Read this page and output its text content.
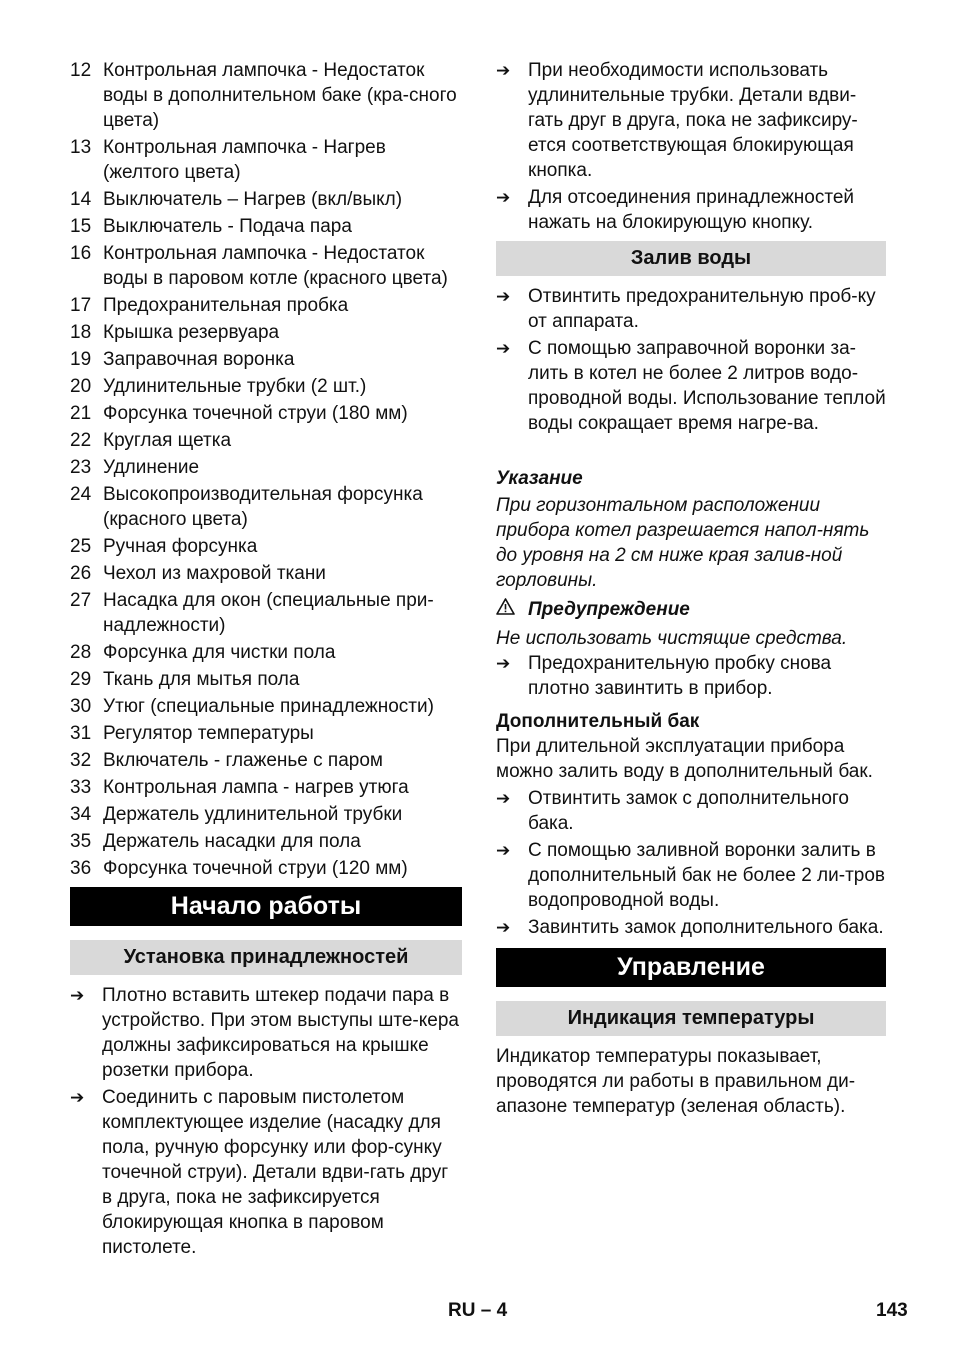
12 Контрольная лампочка - Недостаток воды в дополнительном баке (кра-сного цвета)
13 Контрольная лампочка - Нагрев (желтого цвета)
14 Выключатель – Нагрев (вкл/выкл)
15 Выключатель - Подача пара
16 Контрольная лампочка - Недостаток воды в паровом котле (красного цвета)
17 Предохранительная пробка
18 Крышка резервуара
19 Заправочная воронка
20 Удлинительные трубки (2 шт.)
21 Форсунка точечной струи (180 мм)
22 Круглая щетка
23 Удлинение
24 Высокопроизводительная форсунка (красного цвета)
25 Ручная форсунка
26 Чехол из махровой ткани
27 Насадка для окон (специальные при-надлежности)
28 Форсунка для чистки пола
29 Ткань для мытья пола
30 Утюг (специальные принадлежности)
31 Регулятор температуры
32 Включатель - глаженье с паром
33 Контрольная лампа - нагрев утюга
34 Держатель удлинительной трубки
35 Держатель насадки для пола
36 Форсунка точечной струи (120 мм)
Начало работы
Установка принадлежностей
➔ Плотно вставить штекер подачи пара в устройство. При этом выступы ште-кера должны зафиксироваться на крышке розетки прибора.
➔ Соединить с паровым пистолетом комплектующее изделие (насадку для пола, ручную форсунку или фор-сунку точечной струи). Детали вдви-гать друг в друга, пока не зафиксируется блокирующая кнопка в паровом пистолете.
➔ При необходимости использовать удлинительные трубки. Детали вдви-гать друг в друга, пока не зафиксиру-ется соответствующая блокирующая кнопка.
➔ Для отсоединения принадлежностей нажать на блокирующую кнопку.
Залив воды
➔ Отвинтить предохранительную проб-ку от аппарата.
➔ С помощью заправочной воронки за-лить в котел не более 2 литров водо-проводной воды. Использование теплой воды сокращает время нагре-ва.
Указание
При горизонтальном расположении прибора котел разрешается напол-нять до уровня на 2 см ниже края залив-ной горловины.
Предупреждение
Не использовать чистящие средства.
➔ Предохранительную пробку снова плотно завинтить в прибор.
Дополнительный бак
При длительной эксплуатации прибора можно залить воду в дополнительный бак.
➔ Отвинтить замок с дополнительного бака.
➔ С помощью заливной воронки залить в дополнительный бак не более 2 ли-тров водопроводной воды.
➔ Завинтить замок дополнительного бака.
Управление
Индикация температуры
Индикатор температуры показывает, проводятся ли работы в правильном ди-апазоне температур (зеленая область).
RU – 4	143
